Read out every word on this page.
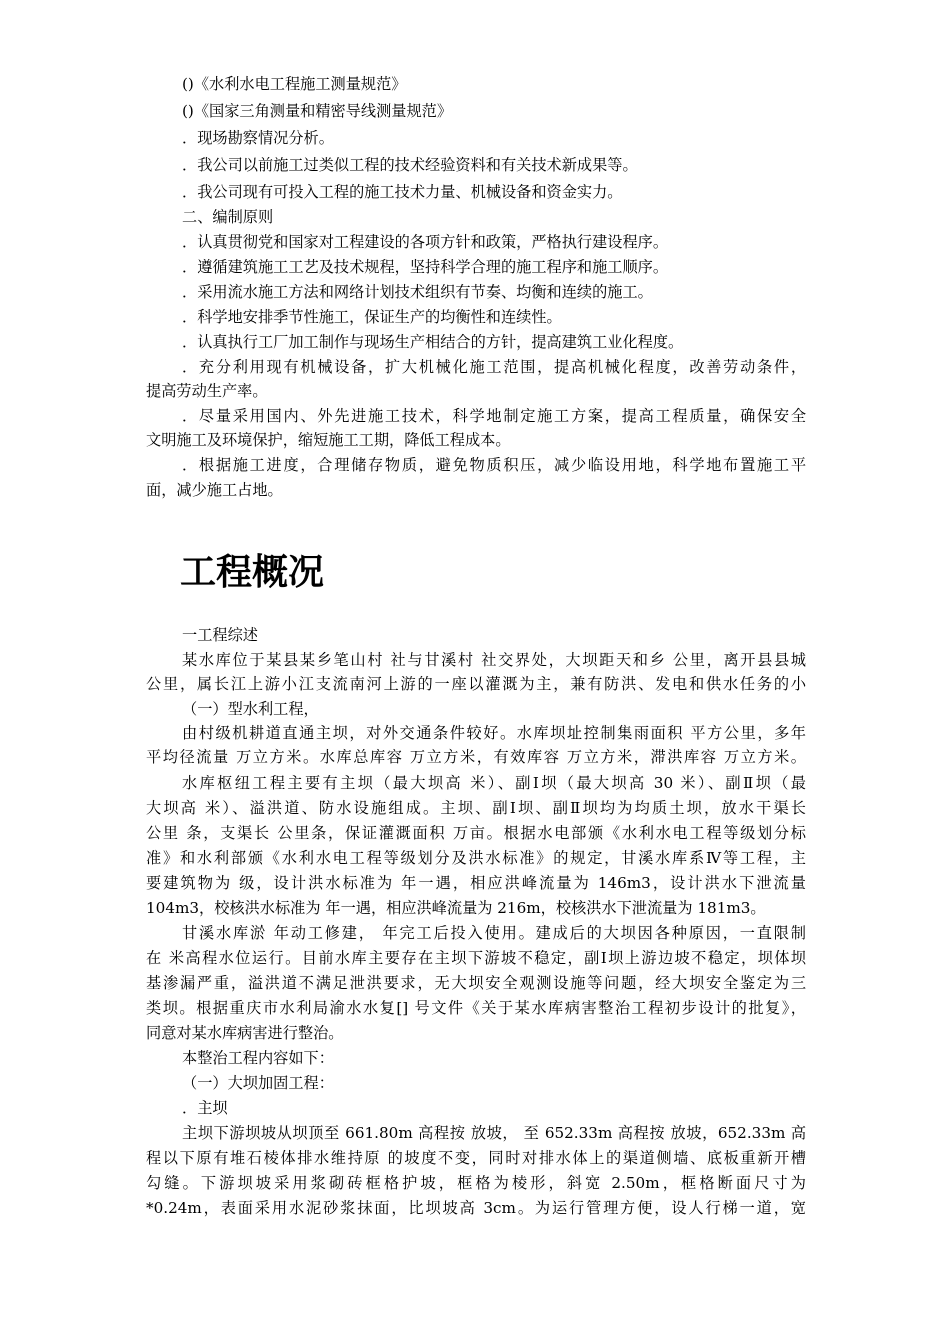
()《水利水电工程施工测量规范》
()《国家三角测量和精密导线测量规范》
．现场勘察情况分析。
．我公司以前施工过类似工程的技术经验资料和有关技术新成果等。
．我公司现有可投入工程的施工技术力量、机械设备和资金实力。
二、编制原则
．认真贯彻党和国家对工程建设的各项方针和政策，严格执行建设程序。
．遵循建筑施工工艺及技术规程，坚持科学合理的施工程序和施工顺序。
．采用流水施工方法和网络计划技术组织有节奏、均衡和连续的施工。
．科学地安排季节性施工，保证生产的均衡性和连续性。
．认真执行工厂加工制作与现场生产相结合的方针，提高建筑工业化程度。
．充分利用现有机械设备，扩大机械化施工范围，提高机械化程度，改善劳动条件，
提高劳动生产率。
．尽量采用国内、外先进施工技术，科学地制定施工方案，提高工程质量，确保安全
文明施工及环境保护，缩短施工工期，降低工程成本。
．根据施工进度，合理储存物质，避免物质积压，减少临设用地，科学地布置施工平
面，减少施工占地。
工程概况
一工程综述
某水库位于某县某乡笔山村 社与甘溪村 社交界处，大坝距天和乡 公里，离开县县城
公里，属长江上游小江支流南河上游的一座以灌溉为主，兼有防洪、发电和供水任务的小
（一）型水利工程，
由村级机耕道直通主坝，对外交通条件较好。水库坝址控制集雨面积 平方公里，多年
平均径流量 万立方米。水库总库容 万立方米，有效库容 万立方米，滞洪库容 万立方米。
水库枢纽工程主要有主坝（最大坝高 米）、副Ⅰ坝（最大坝高 30 米）、副Ⅱ坝（最
大坝高 米）、溢洪道、防水设施组成。主坝、副Ⅰ坝、副Ⅱ坝均为均质土坝，放水干渠长
公里 条，支渠长 公里条，保证灌溉面积 万亩。根据水电部颁《水利水电工程等级划分标
准》和水利部颁《水利水电工程等级划分及洪水标准》的规定，甘溪水库系Ⅳ等工程，主
要建筑物为 级，设计洪水标准为 年一遇，相应洪峰流量为 146m3，设计洪水下泄流量
104m3，校核洪水标准为 年一遇，相应洪峰流量为 216m，校核洪水下泄流量为 181m3。
甘溪水库淤 年动工修建， 年完工后投入使用。建成后的大坝因各种原因，一直限制
在 米高程水位运行。目前水库主要存在主坝下游坡不稳定，副Ⅰ坝上游边坡不稳定，坝体坝
基渗漏严重，溢洪道不满足泄洪要求，无大坝安全观测设施等问题，经大坝安全鉴定为三
类坝。根据重庆市水利局渝水水复[] 号文件《关于某水库病害整治工程初步设计的批复》，
同意对某水库病害进行整治。
本整治工程内容如下：
（一）大坝加固工程：
．主坝
主坝下游坝坡从坝顶至 661.80m 高程按 放坡， 至 652.33m 高程按 放坡，652.33m 高
程以下原有堆石棱体排水维持原 的坡度不变，同时对排水体上的渠道侧墙、底板重新开槽
勾缝。下游坝坡采用浆砌砖框格护坡，框格为棱形，斜宽 2.50m，框格断面尺寸为
*0.24m，表面采用水泥砂浆抹面，比坝坡高 3cm。为运行管理方便，设人行梯一道，宽
